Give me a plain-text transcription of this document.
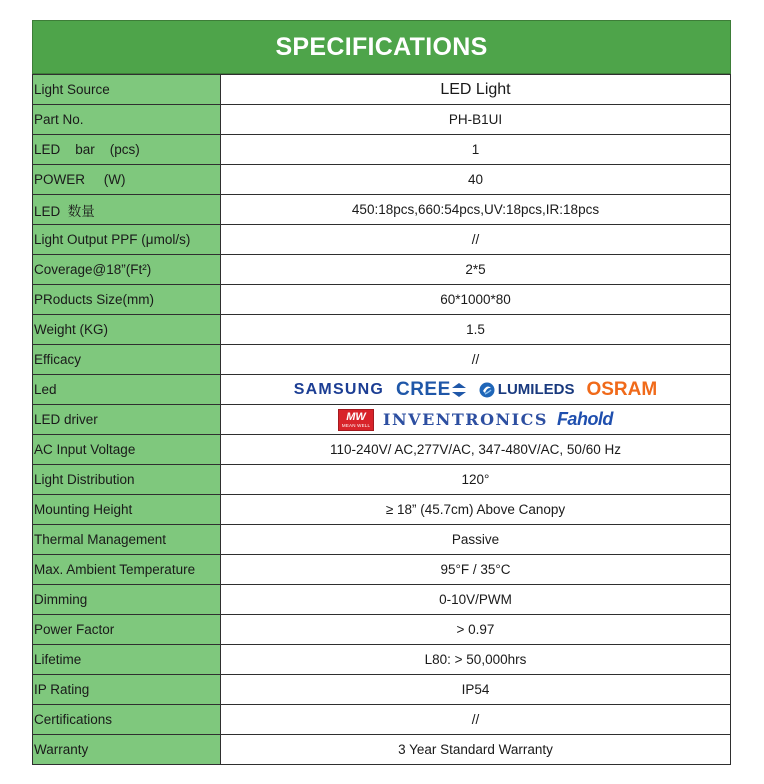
SPECIFICATIONS
Light Source	LED Light
Part No.	PH-B1UI
LED    bar    (pcs)	1
POWER     (W)	40
LED  数量	450:18pcs,660:54pcs,UV:18pcs,IR:18pcs
Light Output PPF (μmol/s)	//
Coverage@18”(Ft²)	2*5
PRoducts Size(mm)	60*1000*80
Weight (KG)	1.5
Efficacy	//
Led	SAMSUNG CREE LUMILEDS OSRAM

LED driver	MW
MEAN WELL INVENTRONICS Fahold

AC Input Voltage	110-240V/ AC,277V/AC, 347-480V/AC, 50/60 Hz
Light Distribution	120°
Mounting Height	≥ 18” (45.7cm) Above Canopy
Thermal Management	Passive
Max. Ambient Temperature	95°F / 35°C
Dimming	0-10V/PWM
Power Factor	> 0.97
Lifetime	L80: > 50,000hrs
IP Rating	IP54
Certifications	//
Warranty	3 Year Standard Warranty
